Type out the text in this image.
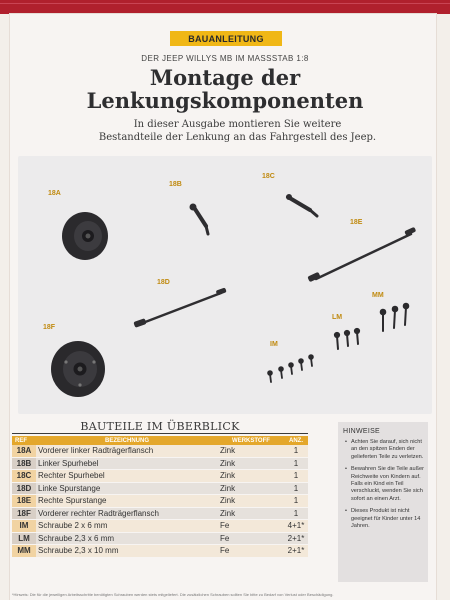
BAUANLEITUNG
DER JEEP WILLYS MB IM MASSSTAB 1:8
Montage der
Lenkungskomponenten
In dieser Ausgabe montieren Sie weitere
Bestandteile der Lenkung an das Fahrgestell des Jeep.
18A
18B
18C
18D
18E
18F
LM
MM
IM
BAUTEILE IM ÜBERBLICK
REF	BEZEICHNUNG	WERKSTOFF	ANZ.
18A	Vorderer linker Radträgerflansch	Zink	1
18B	Linker Spurhebel	Zink	1
18C	Rechter Spurhebel	Zink	1
18D	Linke Spurstange	Zink	1
18E	Rechte Spurstange	Zink	1
18F	Vorderer rechter Radträgerflansch	Zink	1
IM	Schraube 2 x 6 mm	Fe	4+1*
LM	Schraube 2,3 x 6 mm	Fe	2+1*
MM	Schraube 2,3 x 10 mm	Fe	2+1*
HINWEISE
• Achten Sie darauf, sich nicht an den spitzen Enden der gelieferten Teile zu verletzen.
• Bewahren Sie die Teile außer Reichweite von Kindern auf. Falls ein Kind ein Teil verschluckt, wenden Sie sich sofort an einen Arzt.
• Dieses Produkt ist nicht geeignet für Kinder unter 14 Jahren.
*Hinweis: Die für die jeweiligen Arbeitsschritte benötigten Schrauben werden stets mitgeliefert. Die zusätzlichen Schrauben sollten Sie bitte zu Bedarf von Verlust oder Beschädigung.
